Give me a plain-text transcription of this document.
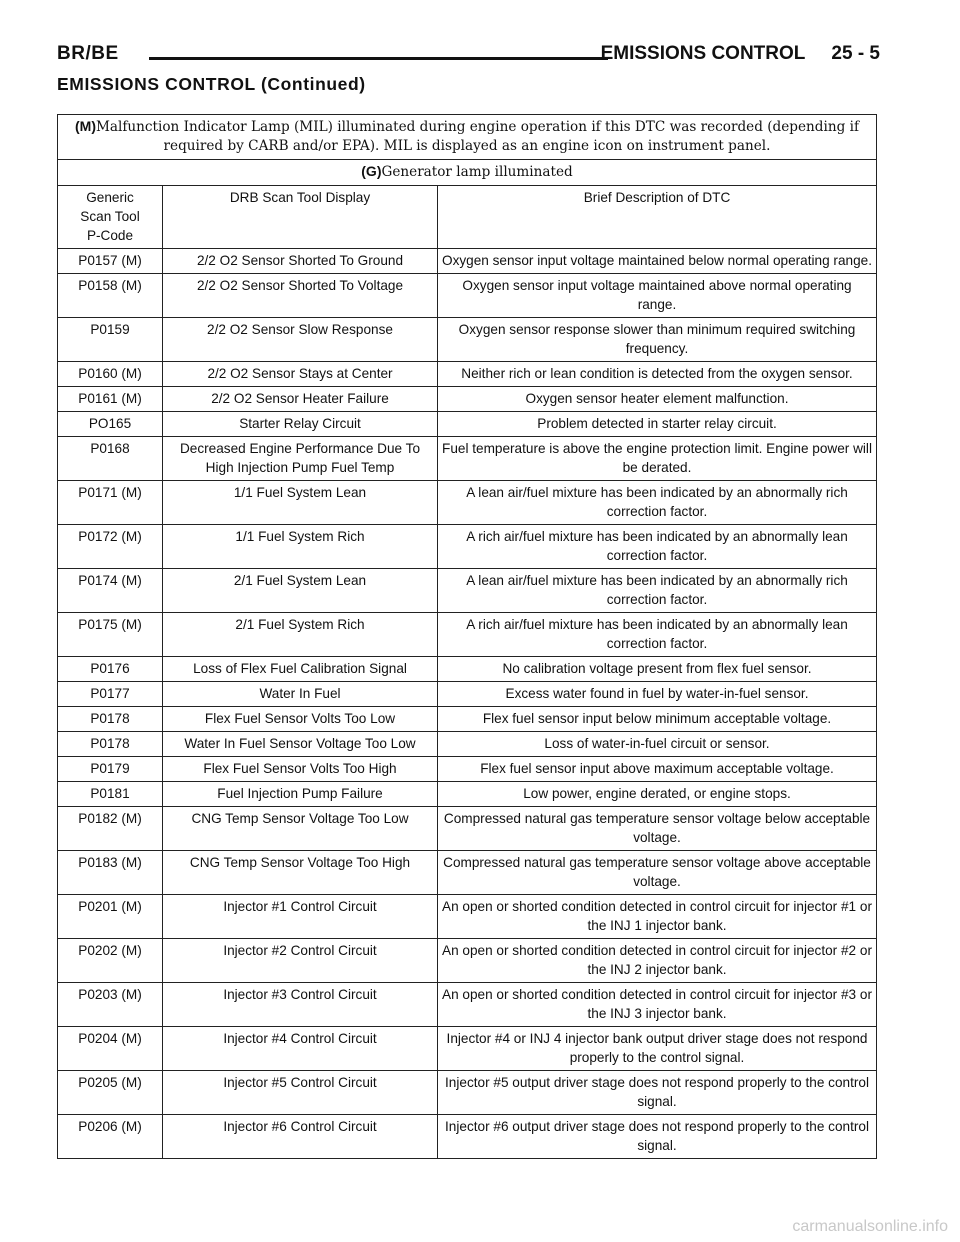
BR/BE	EMISSIONS CONTROL 25 - 5
EMISSIONS CONTROL (Continued)
(M)Malfunction Indicator Lamp (MIL) illuminated during engine operation if this DTC was recorded (depending if required by CARB and/or EPA). MIL is displayed as an engine icon on instrument panel.		
(G)Generator lamp illuminated		
Generic Scan Tool P-Code	DRB Scan Tool Display	Brief Description of DTC
P0157 (M)	2/2 O2 Sensor Shorted To Ground	Oxygen sensor input voltage maintained below normal operating range.
P0158 (M)	2/2 O2 Sensor Shorted To Voltage	Oxygen sensor input voltage maintained above normal operating range.
P0159	2/2 O2 Sensor Slow Response	Oxygen sensor response slower than minimum required switching frequency.
P0160 (M)	2/2 O2 Sensor Stays at Center	Neither rich or lean condition is detected from the oxygen sensor.
P0161 (M)	2/2 O2 Sensor Heater Failure	Oxygen sensor heater element malfunction.
PO165	Starter Relay Circuit	Problem detected in starter relay circuit.
P0168	Decreased Engine Performance Due To High Injection Pump Fuel Temp	Fuel temperature is above the engine protection limit. Engine power will be derated.
P0171 (M)	1/1 Fuel System Lean	A lean air/fuel mixture has been indicated by an abnormally rich correction factor.
P0172 (M)	1/1 Fuel System Rich	A rich air/fuel mixture has been indicated by an abnormally lean correction factor.
P0174 (M)	2/1 Fuel System Lean	A lean air/fuel mixture has been indicated by an abnormally rich correction factor.
P0175 (M)	2/1 Fuel System Rich	A rich air/fuel mixture has been indicated by an abnormally lean correction factor.
P0176	Loss of Flex Fuel Calibration Signal	No calibration voltage present from flex fuel sensor.
P0177	Water In Fuel	Excess water found in fuel by water-in-fuel sensor.
P0178	Flex Fuel Sensor Volts Too Low	Flex fuel sensor input below minimum acceptable voltage.
P0178	Water In Fuel Sensor Voltage Too Low	Loss of water-in-fuel circuit or sensor.
P0179	Flex Fuel Sensor Volts Too High	Flex fuel sensor input above maximum acceptable voltage.
P0181	Fuel Injection Pump Failure	Low power, engine derated, or engine stops.
P0182 (M)	CNG Temp Sensor Voltage Too Low	Compressed natural gas temperature sensor voltage below acceptable voltage.
P0183 (M)	CNG Temp Sensor Voltage Too High	Compressed natural gas temperature sensor voltage above acceptable voltage.
P0201 (M)	Injector #1 Control Circuit	An open or shorted condition detected in control circuit for injector #1 or the INJ 1 injector bank.
P0202 (M)	Injector #2 Control Circuit	An open or shorted condition detected in control circuit for injector #2 or the INJ 2 injector bank.
P0203 (M)	Injector #3 Control Circuit	An open or shorted condition detected in control circuit for injector #3 or the INJ 3 injector bank.
P0204 (M)	Injector #4 Control Circuit	Injector #4 or INJ 4 injector bank output driver stage does not respond properly to the control signal.
P0205 (M)	Injector #5 Control Circuit	Injector #5 output driver stage does not respond properly to the control signal.
P0206 (M)	Injector #6 Control Circuit	Injector #6 output driver stage does not respond properly to the control signal.
carmanualsonline.info
